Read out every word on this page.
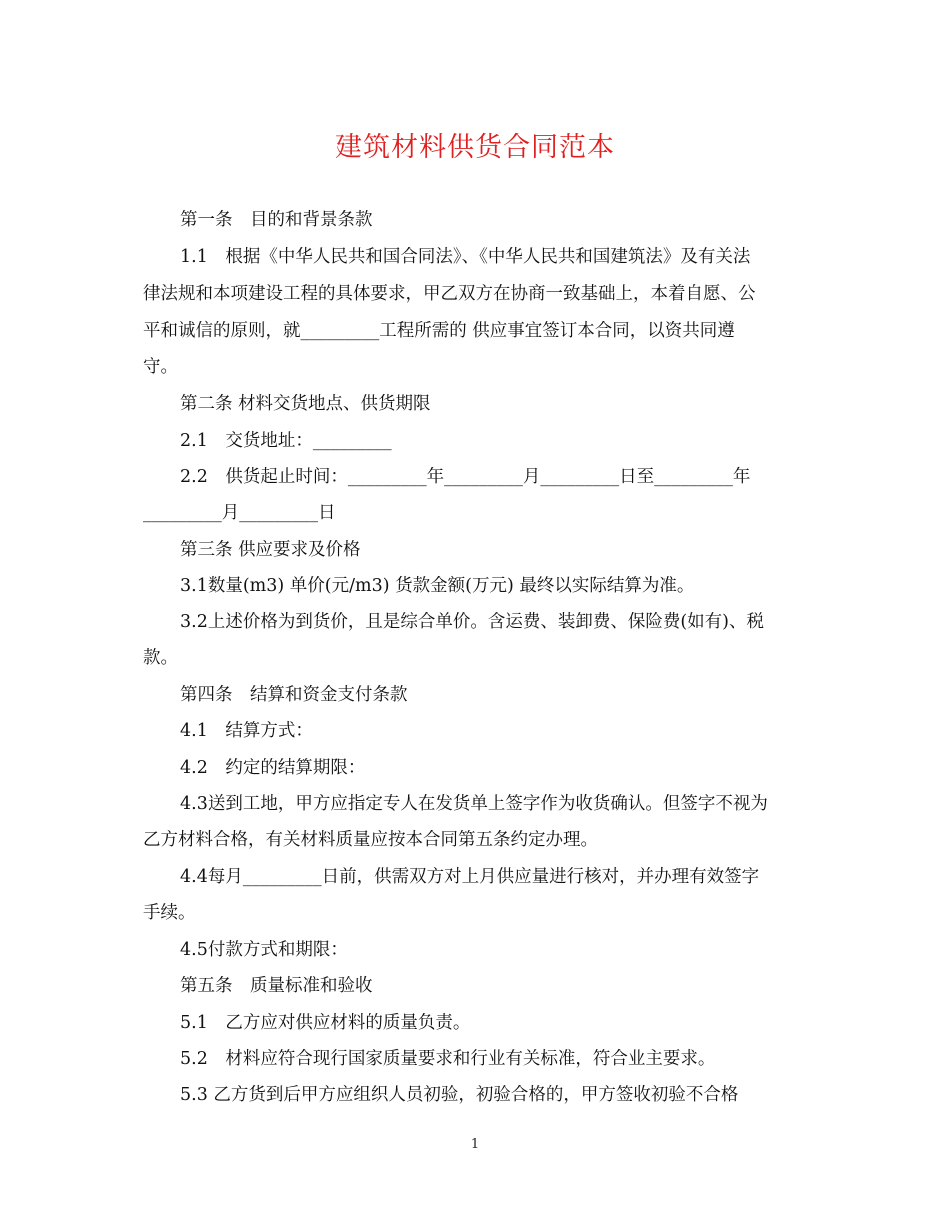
建筑材料供货合同范本
第一条　目的和背景条款
1.1　根据《中华人民共和国合同法》、《中华人民共和国建筑法》及有关法
律法规和本项建设工程的具体要求，甲乙双方在协商一致基础上，本着自愿、公
平和诚信的原则，就_________工程所需的 供应事宜签订本合同，以资共同遵
守。
第二条 材料交货地点、供货期限
2.1　交货地址：_________
2.2　供货起止时间：_________年_________月_________日至_________年
_________月_________日
第三条 供应要求及价格
3.1数量(m3) 单价(元/m3) 货款金额(万元) 最终以实际结算为准。
3.2上述价格为到货价，且是综合单价。含运费、装卸费、保险费(如有)、税
款。
第四条　结算和资金支付条款
4.1　结算方式：
4.2　约定的结算期限：
4.3送到工地，甲方应指定专人在发货单上签字作为收货确认。但签字不视为
乙方材料合格，有关材料质量应按本合同第五条约定办理。
4.4每月_________日前，供需双方对上月供应量进行核对，并办理有效签字
手续。
4.5付款方式和期限：
第五条　质量标准和验收
5.1　乙方应对供应材料的质量负责。
5.2　材料应符合现行国家质量要求和行业有关标准，符合业主要求。
5.3 乙方货到后甲方应组织人员初验，初验合格的，甲方签收初验不合格
1
